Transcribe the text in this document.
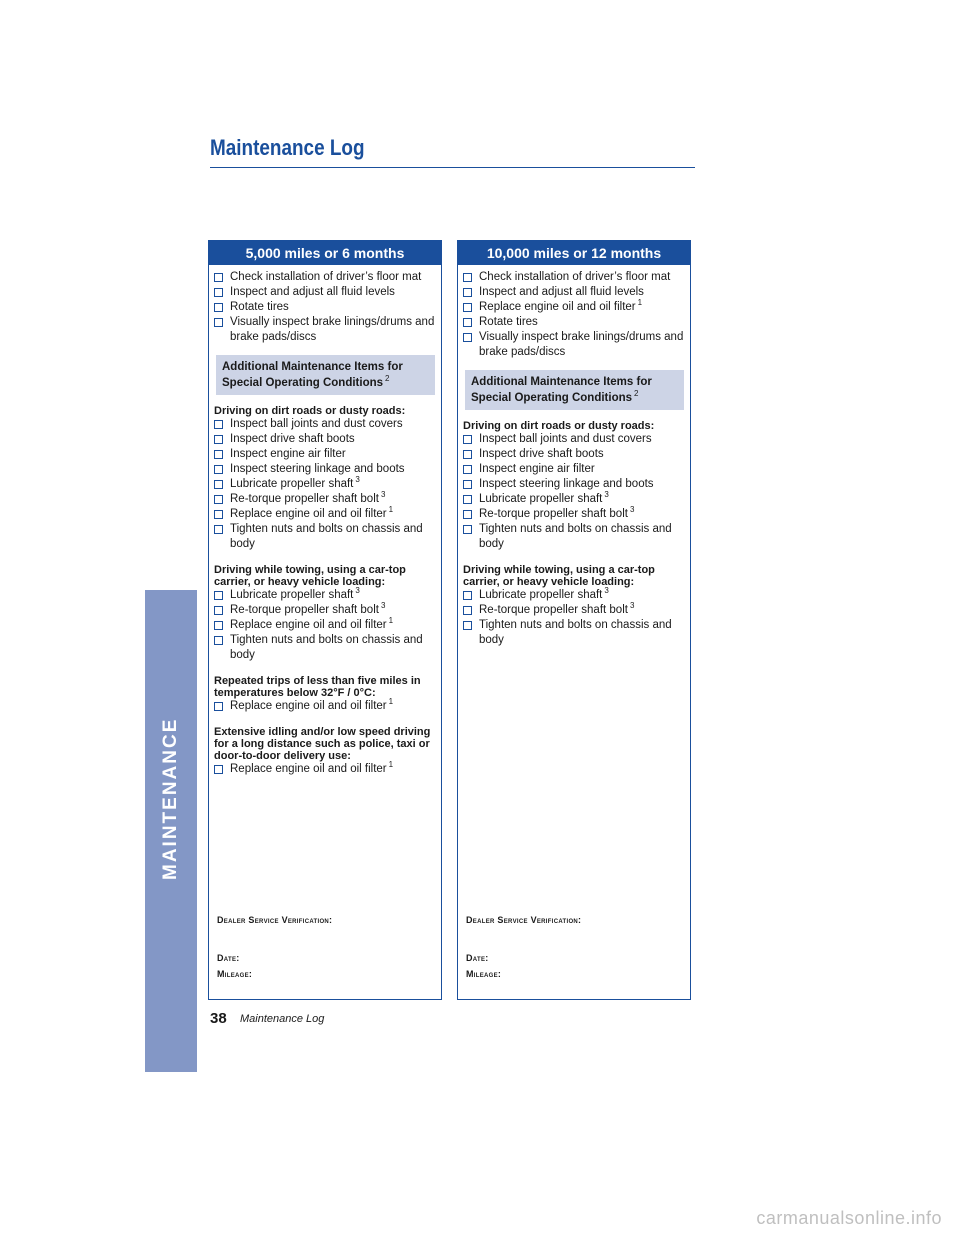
MAINTENANCE
Maintenance Log
5,000 miles or 6 months
Check installation of driver’s floor mat
Inspect and adjust all fluid levels
Rotate tires
Visually inspect brake linings/drums and brake pads/discs
Additional Maintenance Items for
Special Operating Conditions $^2$
Driving on dirt roads or dusty roads:
Inspect ball joints and dust covers
Inspect drive shaft boots
Inspect engine air filter
Inspect steering linkage and boots
Lubricate propeller shaft $^3$
Re-torque propeller shaft bolt $^3$
Replace engine oil and oil filter $^1$
Tighten nuts and bolts on chassis and body
Driving while towing, using a car-top carrier, or heavy vehicle loading:
Lubricate propeller shaft $^3$
Re-torque propeller shaft bolt $^3$
Replace engine oil and oil filter $^1$
Tighten nuts and bolts on chassis and body
Repeated trips of less than five miles in temperatures below 32°F / 0°C:
Replace engine oil and oil filter $^1$
Extensive idling and/or low speed driving for a long distance such as police, taxi or door-to-door delivery use:
Replace engine oil and oil filter $^1$
Dealer Service Verification:
Date:
Mileage:
10,000 miles or 12 months
Check installation of driver’s floor mat
Inspect and adjust all fluid levels
Replace engine oil and oil filter $^1$
Rotate tires
Visually inspect brake linings/drums and brake pads/discs
Additional Maintenance Items for
Special Operating Conditions $^2$
Driving on dirt roads or dusty roads:
Inspect ball joints and dust covers
Inspect drive shaft boots
Inspect engine air filter
Inspect steering linkage and boots
Lubricate propeller shaft $^3$
Re-torque propeller shaft bolt $^3$
Tighten nuts and bolts on chassis and body
Driving while towing, using a car-top carrier, or heavy vehicle loading:
Lubricate propeller shaft $^3$
Re-torque propeller shaft bolt $^3$
Tighten nuts and bolts on chassis and body
Dealer Service Verification:
Date:
Mileage:
38 Maintenance Log
carmanualsonline.info
